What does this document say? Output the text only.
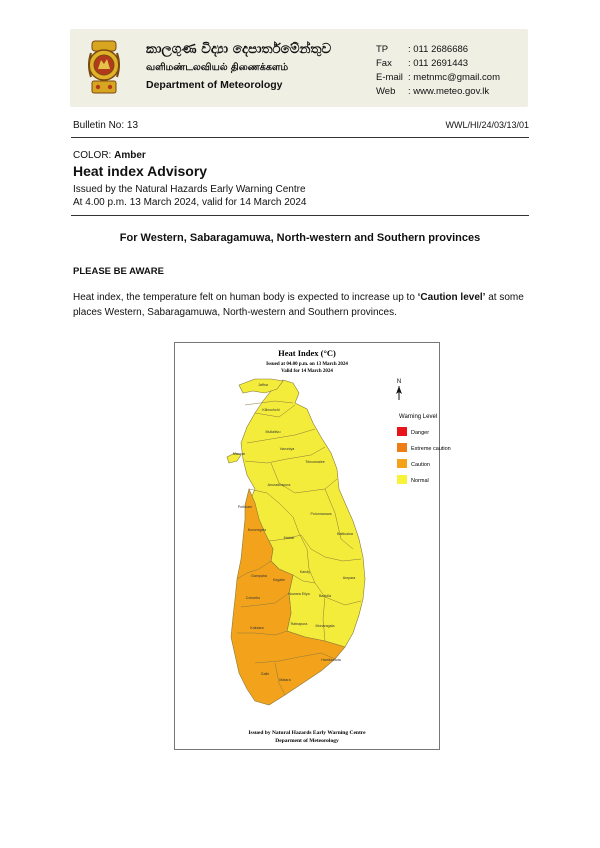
කාලගුණ විද්‍යා දෙපාර්තමේන්තුව
வளிமண்டலவியல் திணைக்களம்
Department of Meteorology
TP	: 011 2686686
Fax	: 011 2691443
E-mail : metnmc@gmail.com
Web	: www.meteo.gov.lk
Bulletin No: 13	WWL/HI/24/03/13/01
COLOR: Amber
Heat index Advisory
Issued by the Natural Hazards Early Warning Centre
At 4.00 p.m. 13 March 2024, valid for 14 March 2024
For Western, Sabaragamuwa, North-western and Southern provinces
PLEASE BE AWARE
Heat index, the temperature felt on human body is expected to increase up to ‘Caution level’ at some places Western, Sabaragamuwa, North-western and Southern provinces.
Heat Index (°C)
Issued at 04.00 p.m. on 13 March 2024
Valid for 14 March 2024
N
Warning Level
Danger
Extreme caution
Caution
Normal
Jaffna
Kilinochchi
Mullaitivu
Mannar
Vavuniya
Trincomalee
Anuradhapura
Puttalam
Polonnaruwa
Kurunegala
Batticaloa
Matale
Gampaha
Kegalle
Kandy
Ampara
Colombo
Nuwara Eliya	Badulla
Kalutara
Ratnapura Monaragala
Galle
Matara
Hambantota
Issued by Natural Hazards Early Warning Centre
Deparment of Meteorology
